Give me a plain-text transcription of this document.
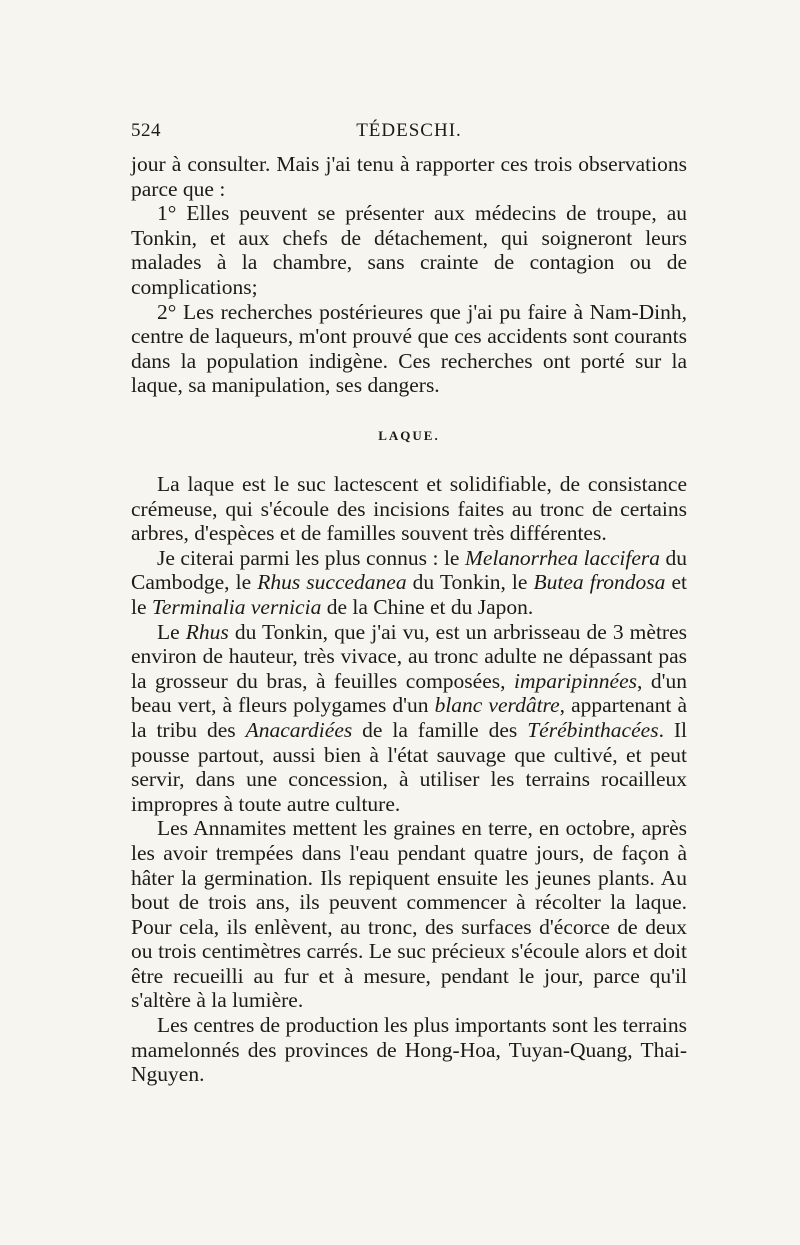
524	TÉDESCHI.

jour à consulter. Mais j'ai tenu à rapporter ces trois observations parce que :

1° Elles peuvent se présenter aux médecins de troupe, au Tonkin, et aux chefs de détachement, qui soigneront leurs malades à la chambre, sans crainte de contagion ou de complications;

2° Les recherches postérieures que j'ai pu faire à Nam-Dinh, centre de laqueurs, m'ont prouvé que ces accidents sont courants dans la population indigène. Ces recherches ont porté sur la laque, sa manipulation, ses dangers.

LAQUE.

La laque est le suc lactescent et solidifiable, de consistance crémeuse, qui s'écoule des incisions faites au tronc de certains arbres, d'espèces et de familles souvent très différentes.

Je citerai parmi les plus connus : le Melanorrhea laccifera du Cambodge, le Rhus succedanea du Tonkin, le Butea frondosa et le Terminalia vernicia de la Chine et du Japon.

Le Rhus du Tonkin, que j'ai vu, est un arbrisseau de 3 mètres environ de hauteur, très vivace, au tronc adulte ne dépassant pas la grosseur du bras, à feuilles composées, imparipinnées, d'un beau vert, à fleurs polygames d'un blanc verdâtre, appartenant à la tribu des Anacardiées de la famille des Térébinthacées. Il pousse partout, aussi bien à l'état sauvage que cultivé, et peut servir, dans une concession, à utiliser les terrains rocailleux impropres à toute autre culture.

Les Annamites mettent les graines en terre, en octobre, après les avoir trempées dans l'eau pendant quatre jours, de façon à hâter la germination. Ils repiquent ensuite les jeunes plants. Au bout de trois ans, ils peuvent commencer à récolter la laque. Pour cela, ils enlèvent, au tronc, des surfaces d'écorce de deux ou trois centimètres carrés. Le suc précieux s'écoule alors et doit être recueilli au fur et à mesure, pendant le jour, parce qu'il s'altère à la lumière.

Les centres de production les plus importants sont les terrains mamelonnés des provinces de Hong-Hoa, Tuyan-Quang, Thai-Nguyen.
